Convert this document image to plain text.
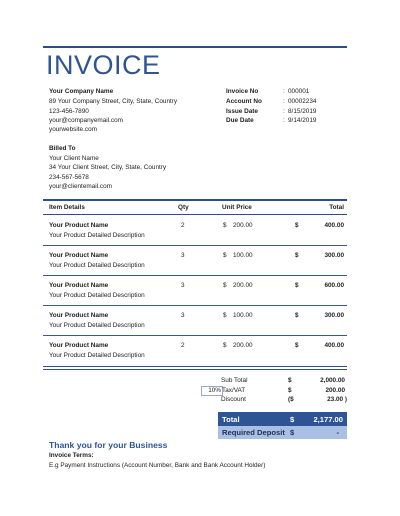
INVOICE
Your Company Name
89 Your Company Street, City, State, Country
123-456-7890
your@companyemail.com
yourwebsite.com
Invoice No	: 000001
Account No	: 00002234
Issue Date	: 8/15/2019
Due Date	: 9/14/2019
Billed To
Your Client Name
34 Your Client Street, City, State, Country
234-567-5678
your@clientemail.com
Item Details	Qty	Unit Price	Total
Your Product Name
Your Product Detailed Description
2	$ 200.00	$	400.00
Your Product Name
Your Product Detailed Description
3	$ 100.00	$	300.00
Your Product Name
Your Product Detailed Description
3	$ 200.00	$	600.00
Your Product Name
Your Product Detailed Description
3	$ 100.00	$	300.00
Your Product Name
Your Product Detailed Description
2	$ 200.00	$	400.00
Sub Total	$	2,000.00
10% Tax/VAT	$	200.00
Discount	($	23.00 )
Total	$	2,177.00
Required Deposit $	-
Thank you for your Business
Invoice Terms:
E.g Payment Instructions (Account Number, Bank and Bank Account Holder)
